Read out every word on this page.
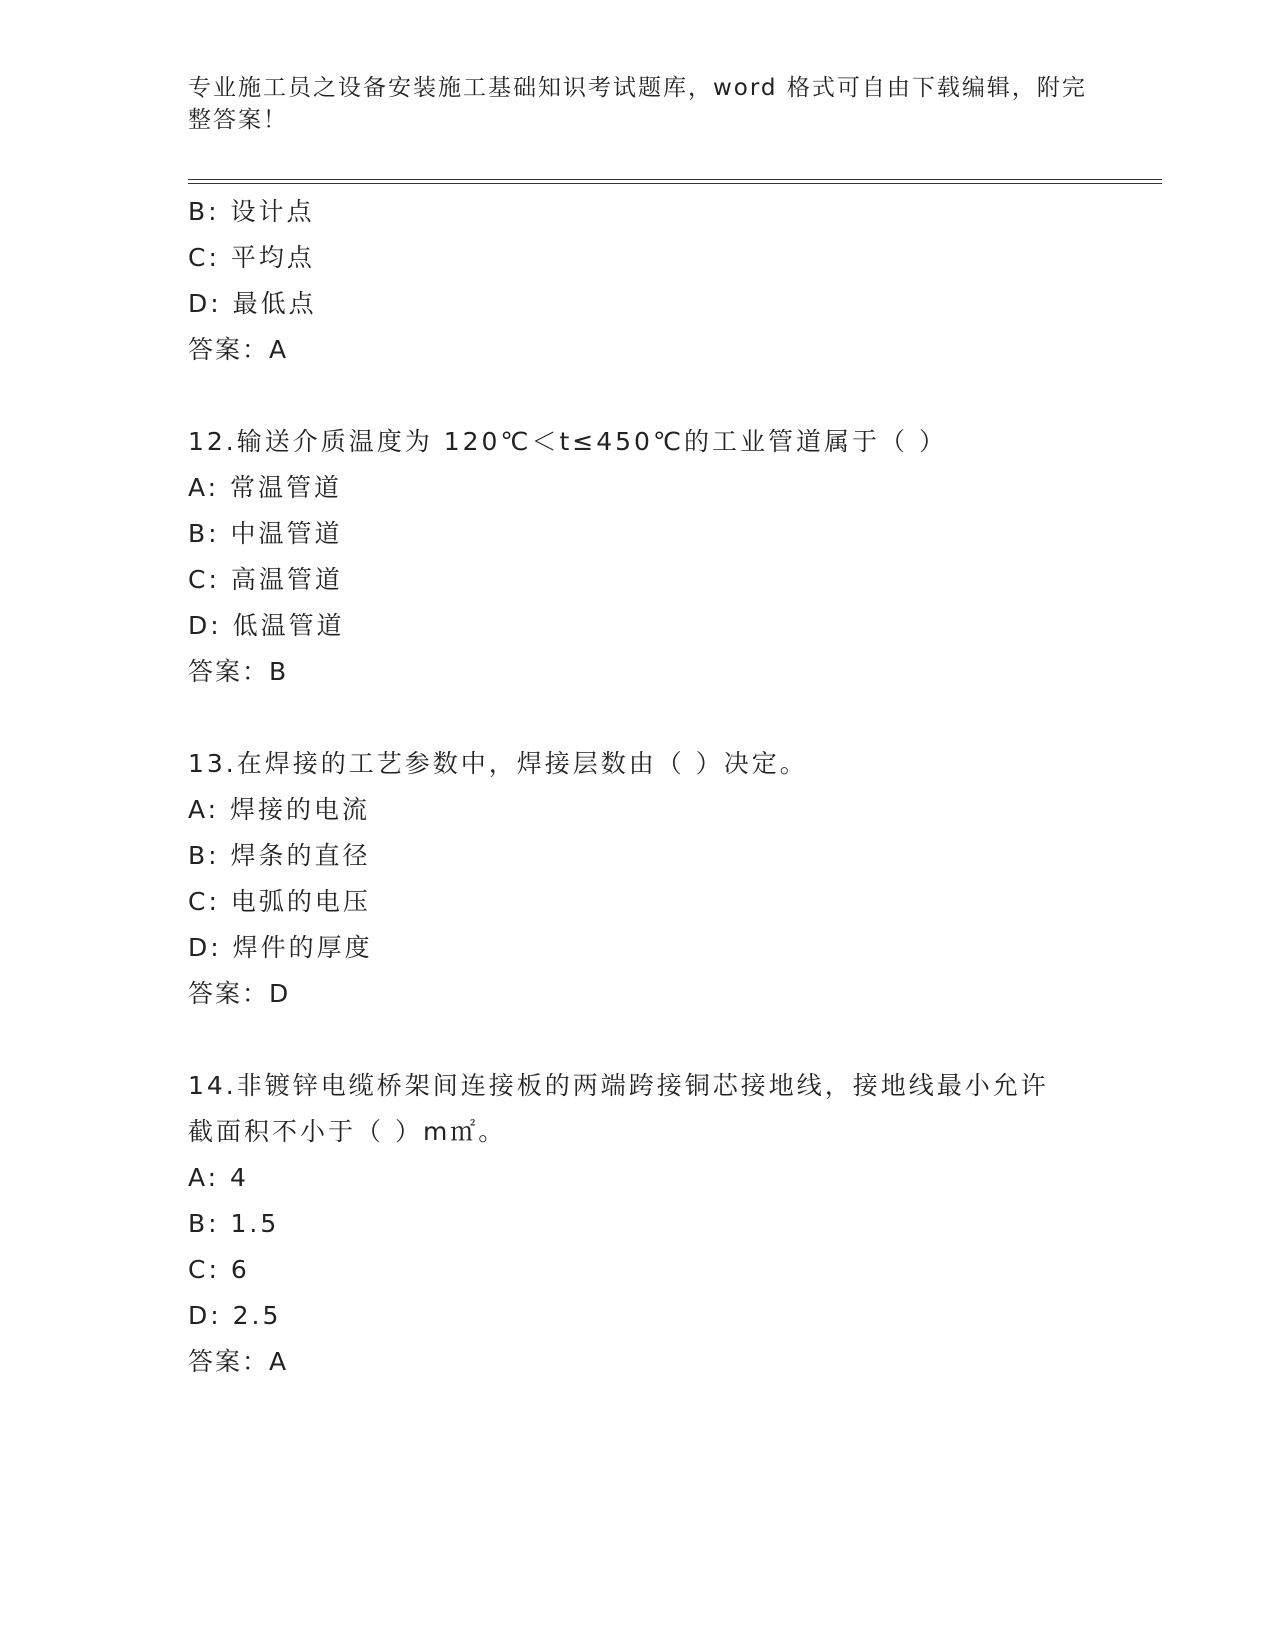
专业施工员之设备安装施工基础知识考试题库，word 格式可自由下载编辑，附完
整答案！
B: 设计点
C: 平均点
D: 最低点
答案：A
12.输送介质温度为 120℃＜t≤450℃的工业管道属于（ ）
A: 常温管道
B: 中温管道
C: 高温管道
D: 低温管道
答案：B
13.在焊接的工艺参数中，焊接层数由（ ）决定。
A: 焊接的电流
B: 焊条的直径
C: 电弧的电压
D: 焊件的厚度
答案：D
14.非镀锌电缆桥架间连接板的两端跨接铜芯接地线，接地线最小允许
截面积不小于（ ）m㎡。
A: 4
B: 1.5
C: 6
D: 2.5
答案：A
